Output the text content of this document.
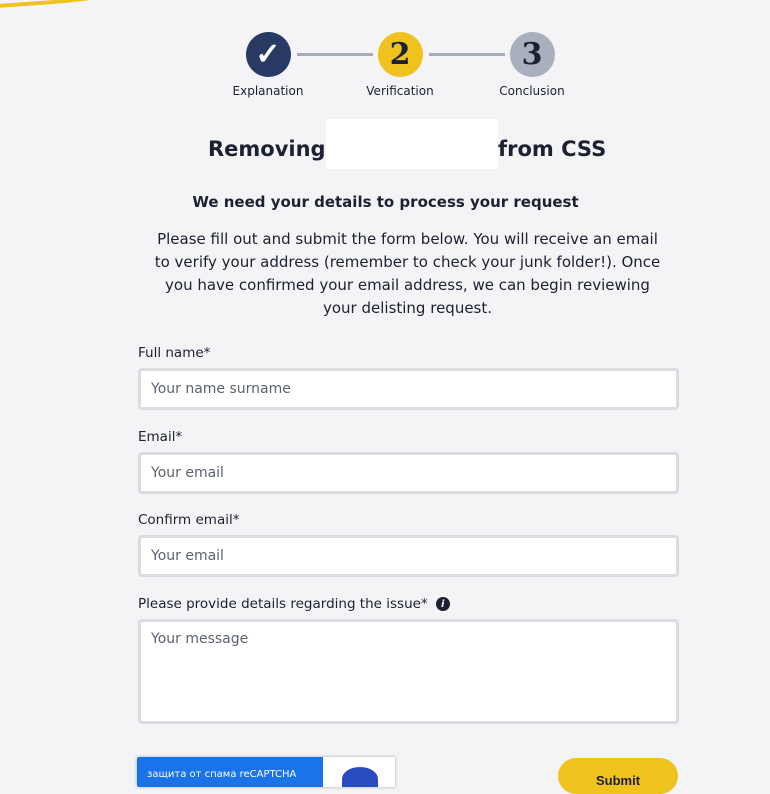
✓
Explanation
2
Verification
3
Conclusion
Removing	from CSS
We need your details to process your request
Please fill out and submit the form below. You will receive an email to verify your address (remember to check your junk folder!). Once you have confirmed your email address, we can begin reviewing your delisting request.
Full name*
Your name surname
Email*
Your email
Confirm email*
Your email
Please provide details regarding the issue* i
Your message
защита от спама reCAPTCHA	Submit
